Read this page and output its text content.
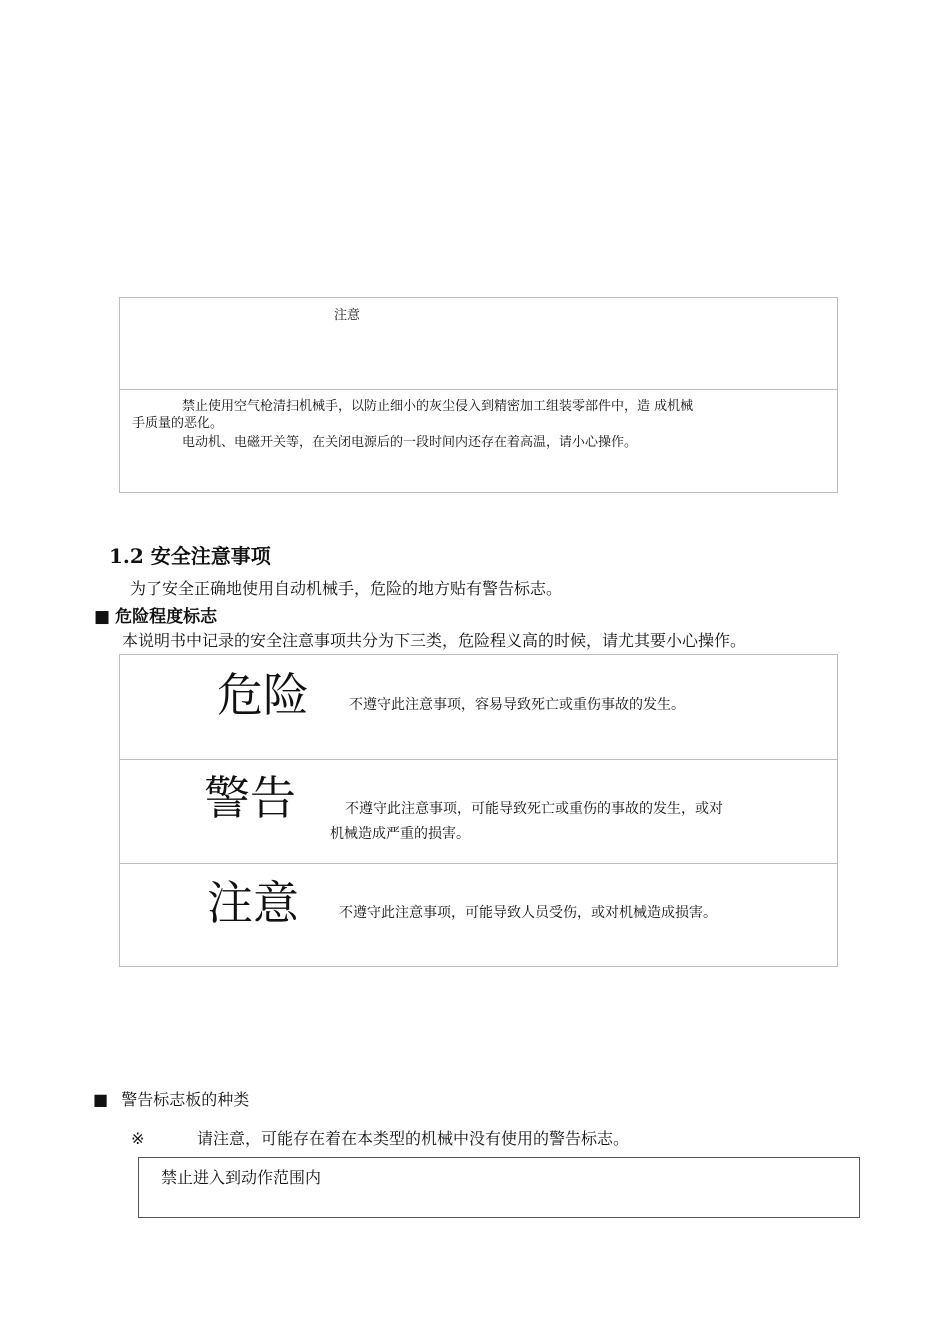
注意
禁止使用空气枪清扫机械手，以防止细小的灰尘侵入到精密加工组装零部件中，造 成机械
手质量的恶化。
电动机、电磁开关等，在关闭电源后的一段时间内还存在着高温，请小心操作。
1.2 安全注意事项
为了安全正确地使用自动机械手，危险的地方贴有警告标志。
■ 危险程度标志
本说明书中记录的安全注意事项共分为下三类，危险程义高的时候，请尤其要小心操作。
危险	不遵守此注意事项，容易导致死亡或重伤事故的发生。
警告	不遵守此注意事项，可能导致死亡或重伤的事故的发生，或对
机械造成严重的损害。
注意	不遵守此注意事项，可能导致人员受伤，或对机械造成损害。
■ 警告标志板的种类
※	请注意，可能存在着在本类型的机械中没有使用的警告标志。
禁止进入到动作范围内
